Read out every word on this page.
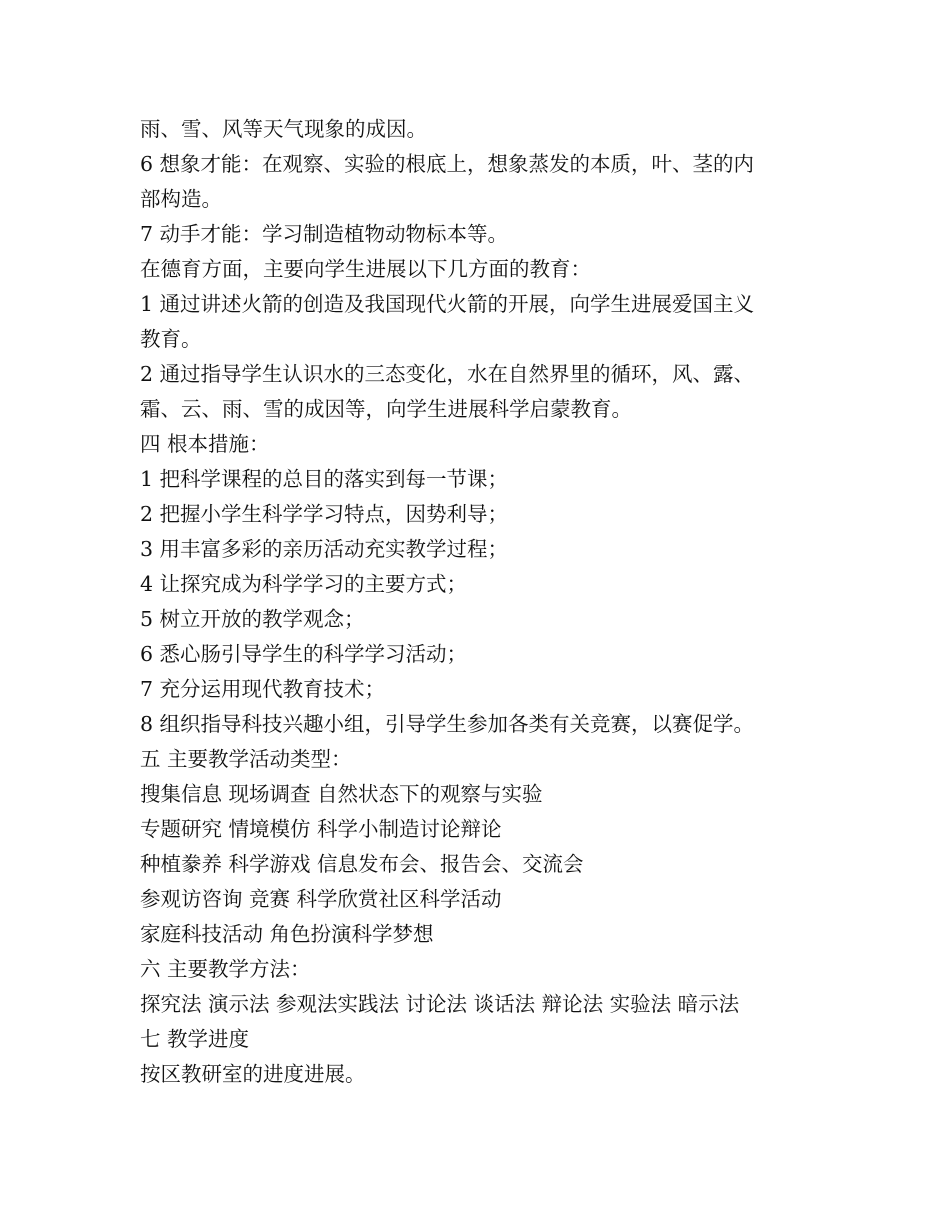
雨、雪、风等天气现象的成因。
6 想象才能：在观察、实验的根底上，想象蒸发的本质，叶、茎的内
部构造。
7 动手才能：学习制造植物动物标本等。
在德育方面，主要向学生进展以下几方面的教育：
1 通过讲述火箭的创造及我国现代火箭的开展，向学生进展爱国主义
教育。
2 通过指导学生认识水的三态变化，水在自然界里的循环，风、露、
霜、云、雨、雪的成因等，向学生进展科学启蒙教育。
四 根本措施：
1 把科学课程的总目的落实到每一节课；
2 把握小学生科学学习特点，因势利导；
3 用丰富多彩的亲历活动充实教学过程；
4 让探究成为科学学习的主要方式；
5 树立开放的教学观念；
6 悉心肠引导学生的科学学习活动；
7 充分运用现代教育技术；
8 组织指导科技兴趣小组，引导学生参加各类有关竞赛，以赛促学。
五 主要教学活动类型：
搜集信息 现场调查 自然状态下的观察与实验
专题研究 情境模仿 科学小制造讨论辩论
种植豢养 科学游戏 信息发布会、报告会、交流会
参观访咨询 竞赛 科学欣赏社区科学活动
家庭科技活动 角色扮演科学梦想
六 主要教学方法：
探究法 演示法 参观法实践法 讨论法 谈话法 辩论法 实验法 暗示法
七 教学进度
按区教研室的进度进展。
